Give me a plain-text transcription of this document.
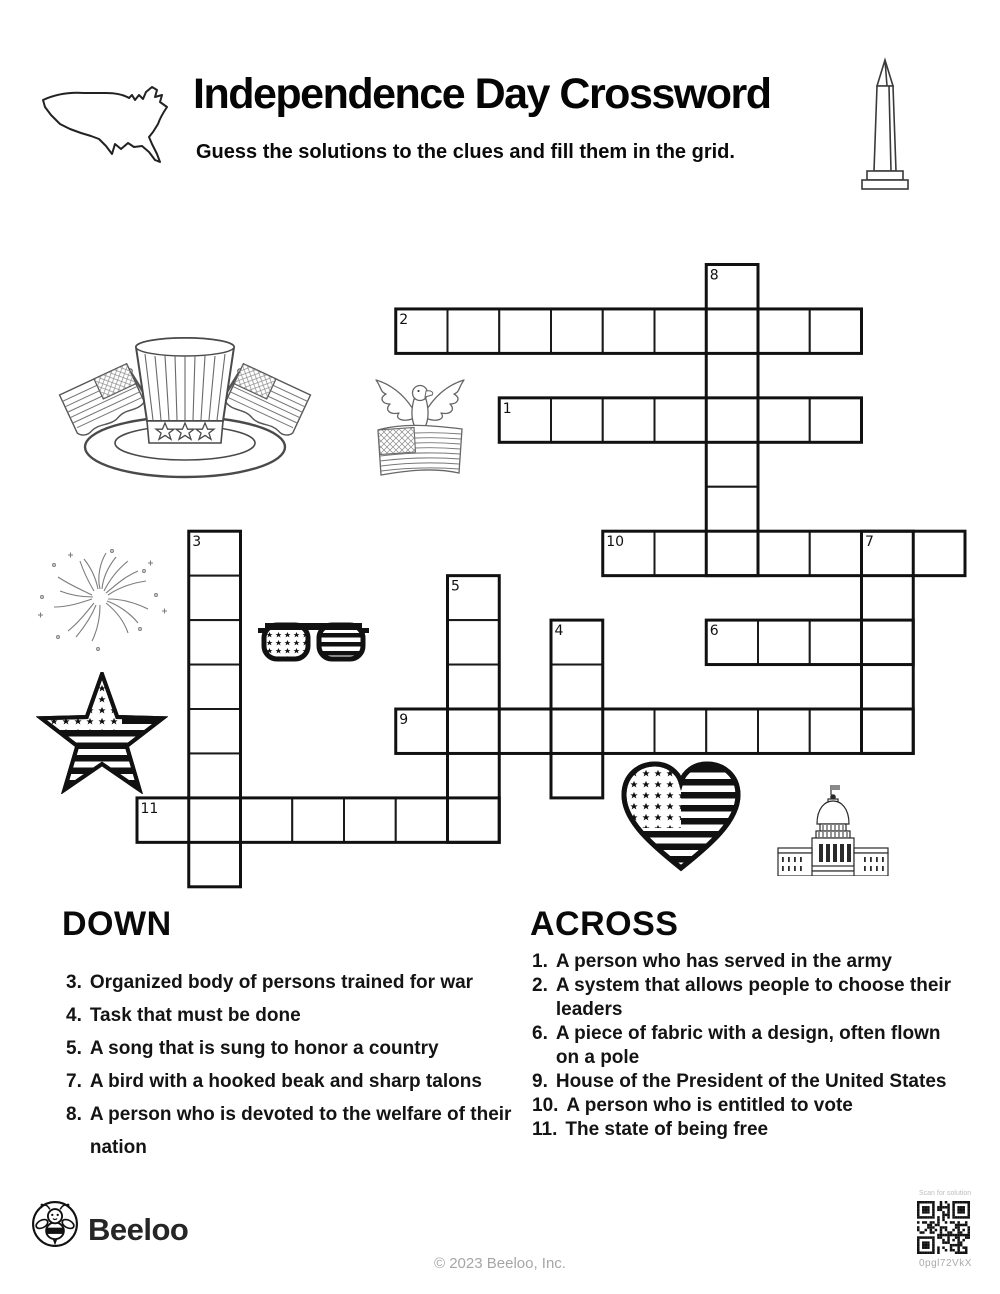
Independence Day Crossword
Guess the solutions to the clues and fill them in the grid.
8
2
1
3	10	7
5
4	6
9
11
DOWN
3. Organized body of persons trained for war
4. Task that must be done
5. A song that is sung to honor a country
7. A bird with a hooked beak and sharp talons
8. A person who is devoted to the welfare of their nation
ACROSS
1. A person who has served in the army
2. A system that allows people to choose their leaders
6. A piece of fabric with a design, often flown on a pole
9. House of the President of the United States
10. A person who is entitled to vote
11. The state of being free
Beeloo
© 2023 Beeloo, Inc.
Scan for solution
0pgl72VkX
